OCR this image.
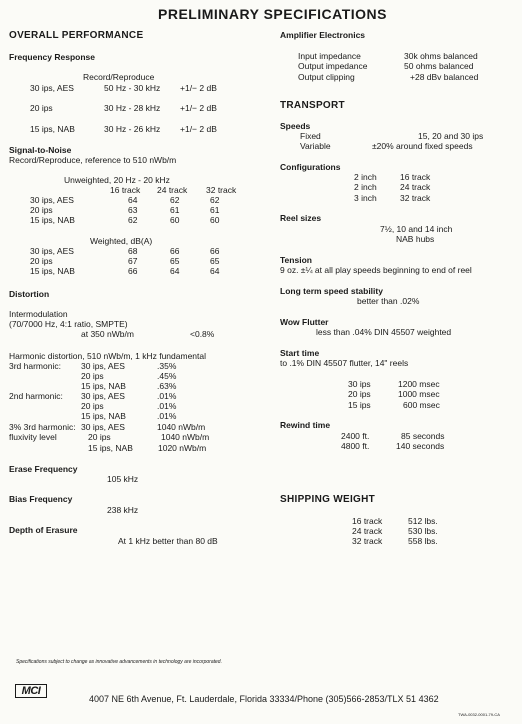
PRELIMINARY SPECIFICATIONS
OVERALL PERFORMANCE
Frequency Response
Record/Reproduce
30 ips, AES	50 Hz - 30 kHz +1/− 2 dB
20 ips	30 Hz - 28 kHz +1/− 2 dB
15 ips, NAB	30 Hz - 26 kHz +1/− 2 dB
Signal-to-Noise
Record/Reproduce, reference to 510 nWb/m
Unweighted, 20 Hz - 20 kHz
16 track 24 track 32 track
30 ips, AES	64	62	62
20 ips	63	61	61
15 ips, NAB	62	60	60
Weighted, dB(A)
30 ips, AES	68	66	66
20 ips	67	65	65
15 ips, NAB	66	64	64
Distortion
Intermodulation
(70/7000 Hz, 4:1 ratio, SMPTE)
at 350 nWb/m	<0.8%
Harmonic distortion, 510 nWb/m, 1 kHz fundamental
3rd harmonic: 30 ips, AES	.35%
20 ips	.45%
15 ips, NAB	.63%
2nd harmonic: 30 ips, AES	.01%
20 ips	.01%
15 ips, NAB	.01%
3% 3rd harmonic:
fluxivity level
30 ips, AES	1040 nWb/m
20 ips	1040 nWb/m
15 ips, NAB	1020 nWb/m
Erase Frequency
105 kHz
Bias Frequency
238 kHz
Depth of Erasure
At 1 kHz better than 80 dB
Amplifier Electronics
Input impedance	30k ohms balanced
Output impedance	50 ohms balanced
Output clipping	+28 dBv balanced
TRANSPORT
Speeds
Fixed	15, 20 and 30 ips
Variable	±20% around fixed speeds
Configurations
2 inch	16 track
2 inch	24 track
3 inch	32 track
Reel sizes
7½, 10 and 14 inch
NAB hubs
Tension
9 oz. ±¼ at all play speeds beginning to end of reel
Long term speed stability
better than .02%
Wow Flutter
less than .04% DIN 45507 weighted
Start time
to .1% DIN 45507 flutter, 14" reels
30 ips	1200 msec
20 ips	1000 msec
15 ips	600 msec
Rewind time
2400 ft.	85 seconds
4800 ft.	140 seconds
SHIPPING WEIGHT
16 track	512 lbs.
24 track	530 lbs.
32 track	558 lbs.
Specifications subject to change as innovative advancements in technology are incorporated.
MCI
4007 NE 6th Avenue, Ft. Lauderdale, Florida 33334/Phone (305)566-2853/TLX 51 4362
TWA-0032-0001-79-CA
